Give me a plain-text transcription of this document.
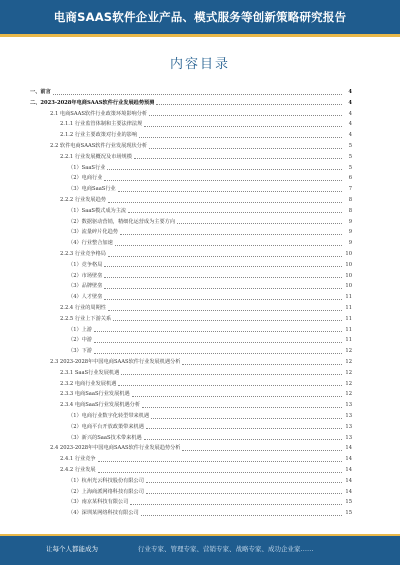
电商SAAS软件企业产品、模式服务等创新策略研究报告
内容目录
一、前言	4
二、2023-2028年电商SAAS软件行业发展趋势预测	4
2.1 电商SAAS软件行业政策环境影响分析	4
2.1.1 行业监管体制和主要法律法规	4
2.1.2 行业主要政策对行业的影响	4
2.2 软件电商SAAS软件行业发展现状分析	5
2.2.1 行业发展概况及市场规模	5
（1）SaaS行业	5
（2）电商行业	6
（3）电商SaaS行业	7
2.2.2 行业发展趋势	8
（1）SaaS模式成为主流	8
（2）数据驱动营销，精细化运营成为主要方向	9
（3）流量碎片化趋势	9
（4）行业整合加速	9
2.2.3 行业竞争格局	10
（1）竞争格局	10
（2）市场壁垒	10
（3）品牌壁垒	10
（4）人才壁垒	11
2.2.4 行业的周期性	11
2.2.5 行业上下游关系	11
（1）上游	11
（2）中游	11
（3）下游	12
2.3 2023-2028年中国电商SAAS软件行业发展机遇分析	12
2.3.1 SaaS行业发展机遇	12
2.3.2 电商行业发展机遇	12
2.3.3 电商SaaS行业发展机遇	12
2.3.4 电商SaaS行业发展机遇分析	13
（1）电商行业数字化转型带来机遇	13
（2）电商平台开放政策带来机遇	13
（3）新兴的SaaS技术带来机遇	13
2.4 2023-2028年中国电商SAAS软件行业发展趋势分析	14
2.4.1 行业竞争	14
2.4.2 行业发展	14
（1）杭州光云科技股份有限公司	14
（2）上海商派网络科技有限公司	14
（3）南京某科技有限公司	15
（4）深圳某网络科技有限公司	15
让每个人都能成为	行业专家、管理专家、营销专家、战略专家、成功企业家……
